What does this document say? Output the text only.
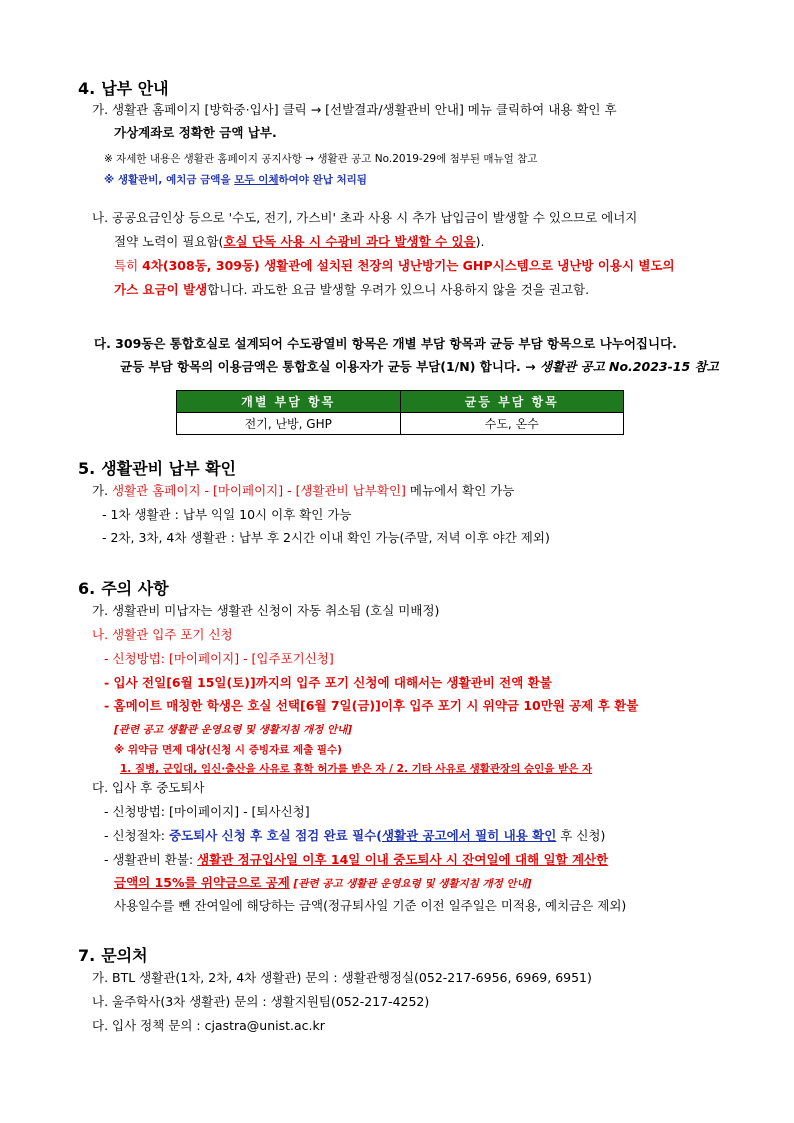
4. 납부 안내
가. 생활관 홈페이지 [방학중·입사] 클릭 → [선발결과/생활관비 안내] 메뉴 클릭하여 내용 확인 후
가상계좌로 정확한 금액 납부.
※ 자세한 내용은 생활관 홈페이지 공지사항 → 생활관 공고 No.2019-29에 첨부된 매뉴얼 참고
※ 생활관비, 예치금 금액을 모두 이체하여야 완납 처리됨
나. 공공요금인상 등으로 '수도, 전기, 가스비' 초과 사용 시 추가 납입금이 발생할 수 있으므로 에너지
절약 노력이 필요함(호실 단독 사용 시 수광비 과다 발생할 수 있음).
특히 4차(308동, 309동) 생활관에 설치된 천장의 냉난방기는 GHP시스템으로 냉난방 이용시 별도의
가스 요금이 발생합니다. 과도한 요금 발생할 우려가 있으니 사용하지 않을 것을 권고함.
다. 309동은 통합호실로 설계되어 수도광열비 항목은 개별 부담 항목과 균등 부담 항목으로 나누어집니다.
균등 부담 항목의 이용금액은 통합호실 이용자가 균등 부담(1/N) 합니다. → 생활관 공고 No.2023-15 참고
개별 부담 항목	균등 부담 항목
전기, 난방, GHP	수도, 온수
5. 생활관비 납부 확인
가. 생활관 홈페이지 - [마이페이지] - [생활관비 납부확인] 메뉴에서 확인 가능
- 1차 생활관 : 납부 익일 10시 이후 확인 가능
- 2차, 3차, 4차 생활관 : 납부 후 2시간 이내 확인 가능(주말, 저녁 이후 야간 제외)
6. 주의 사항
가. 생활관비 미납자는 생활관 신청이 자동 취소됨 (호실 미배정)
나. 생활관 입주 포기 신청
- 신청방법: [마이페이지] - [입주포기신청]
- 입사 전일[6월 15일(토)]까지의 입주 포기 신청에 대해서는 생활관비 전액 환불
- 홈메이트 매칭한 학생은 호실 선택[6월 7일(금)]이후 입주 포기 시 위약금 10만원 공제 후 환불
[관련 공고 생활관 운영요령 및 생활지침 개정 안내]
※ 위약금 면제 대상(신청 시 증빙자료 제출 필수)
1. 질병, 군입대, 임신·출산을 사유로 휴학 허가를 받은 자 / 2. 기타 사유로 생활관장의 승인을 받은 자
다. 입사 후 중도퇴사
- 신청방법: [마이페이지] - [퇴사신청]
- 신청절차: 중도퇴사 신청 후 호실 점검 완료 필수(생활관 공고에서 필히 내용 확인 후 신청)
- 생활관비 환불: 생활관 정규입사일 이후 14일 이내 중도퇴사 시 잔여일에 대해 일할 계산한
금액의 15%를 위약금으로 공제 [관련 공고 생활관 운영요령 및 생활지침 개정 안내]
사용일수를 뺀 잔여일에 해당하는 금액(정규퇴사일 기준 이전 일주일은 미적용, 예치금은 제외)
7. 문의처
가. BTL 생활관(1차, 2차, 4차 생활관) 문의 : 생활관행정실(052-217-6956, 6969, 6951)
나. 울주학사(3차 생활관) 문의 : 생활지원팀(052-217-4252)
다. 입사 정책 문의 : cjastra@unist.ac.kr
